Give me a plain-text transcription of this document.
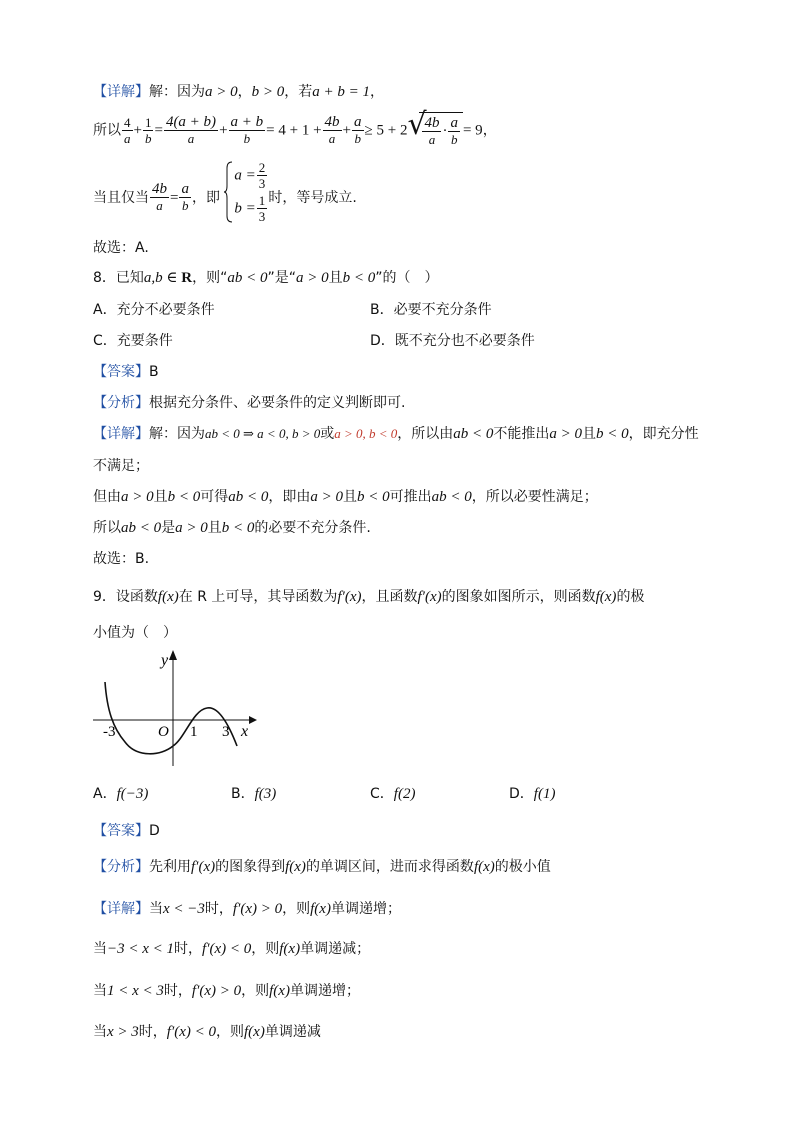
【详解】解：因为a > 0，b > 0，若a + b = 1，
所以 $\frac{4}{a} + \frac{1}{b} = \frac{4(a + b)}{a} + \frac{a + b}{b} = 4 + 1 + \frac{4b}{a} + \frac{a}{b} \ge 5 + 2$ √
$\frac{4b}{a} \cdot \frac{a}{b} = 9$，
当且仅当 $\frac{4b}{a} = \frac{a}{b}$ ，即
$a = \frac{2}{3}$
$b = \frac{1}{3}$ 时，等号成立.
故选：A.
8．已知a,b ∈ R，则“ab < 0”是“a > 0且b < 0”的（　）
A．充分不必要条件	B．必要不充分条件
C．充要条件	D．既不充分也不必要条件
【答案】B
【分析】根据充分条件、必要条件的定义判断即可.
【详解】解：因为ab < 0 ⇒ a < 0, b > 0或a > 0, b < 0，所以由ab < 0不能推出a > 0且b < 0，即充分性
不满足；
但由a > 0且b < 0可得ab < 0，即由a > 0且b < 0可推出ab < 0，所以必要性满足；
所以ab < 0是a > 0且b < 0的必要不充分条件.
故选：B.
9．设函数f(x)在 R 上可导，其导函数为f′(x)，且函数f′(x)的图象如图所示，则函数f(x)的极
小值为（　）
y
x
O
-3	1 3
A．f(−3)	B．f(3)	C．f(2)	D．f(1)
【答案】D
【分析】先利用f′(x)的图象得到f(x)的单调区间，进而求得函数f(x)的极小值
【详解】当x < −3时，f′(x) > 0，则f(x)单调递增；
当−3 < x < 1时，f′(x) < 0，则f(x)单调递减；
当1 < x < 3时，f′(x) > 0，则f(x)单调递增；
当x > 3时，f′(x) < 0，则f(x)单调递减
